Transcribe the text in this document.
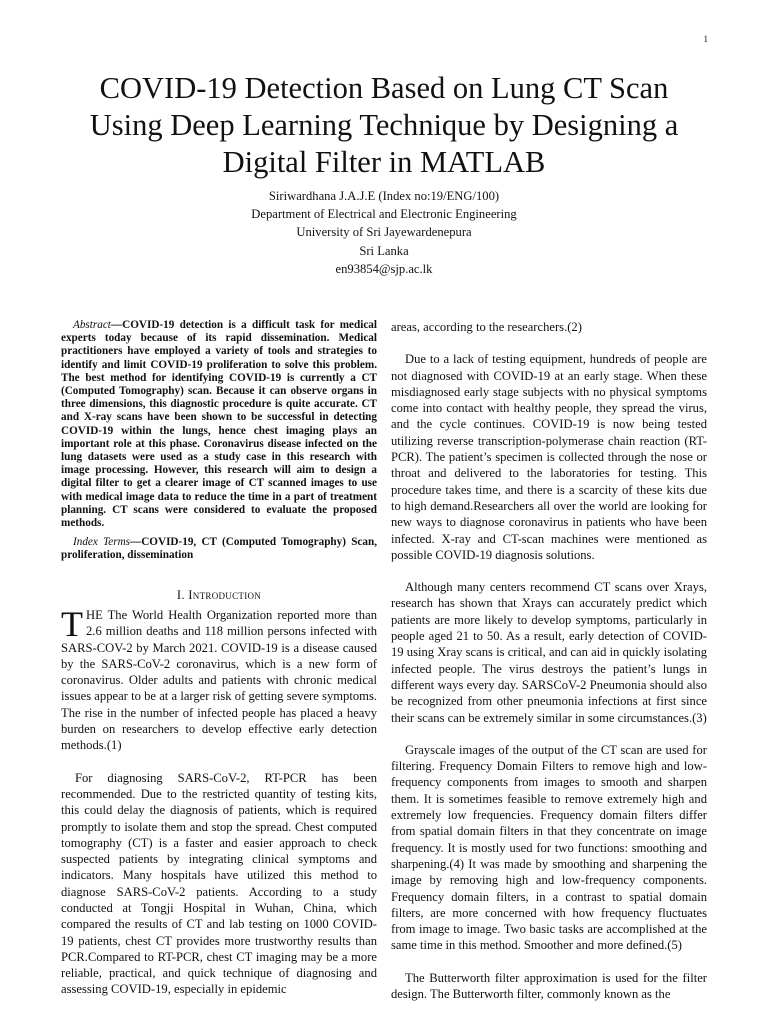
1
COVID-19 Detection Based on Lung CT Scan Using Deep Learning Technique by Designing a Digital Filter in MATLAB
Siriwardhana J.A.J.E (Index no:19/ENG/100)
Department of Electrical and Electronic Engineering
University of Sri Jayewardenepura
Sri Lanka
en93854@sjp.ac.lk

Abstract—COVID-19 detection is a difficult task for medical experts today because of its rapid dissemination. Medical practitioners have employed a variety of tools and strategies to identify and limit COVID-19 proliferation to solve this problem. The best method for identifying COVID-19 is currently a CT (Computed Tomography) scan. Because it can observe organs in three dimensions, this diagnostic procedure is quite accurate. CT and X-ray scans have been shown to be successful in detecting COVID-19 within the lungs, hence chest imaging plays an important role at this phase. Coronavirus disease infected on the lung datasets were used as a study case in this research with image processing. However, this research will aim to design a digital filter to get a clearer image of CT scanned images to use with medical image data to reduce the time in a part of treatment planning. CT scans were considered to evaluate the proposed methods.

Index Terms—COVID-19, CT (Computed Tomography) Scan, proliferation, dissemination

I. Introduction

THE The World Health Organization reported more than 2.6 million deaths and 118 million persons infected with SARS-COV-2 by March 2021. COVID-19 is a disease caused by the SARS-CoV-2 coronavirus, which is a new form of coronavirus. Older adults and patients with chronic medical issues appear to be at a larger risk of getting severe symptoms. The rise in the number of infected people has placed a heavy burden on researchers to develop effective early detection methods.(1)

For diagnosing SARS-CoV-2, RT-PCR has been recommended. Due to the restricted quantity of testing kits, this could delay the diagnosis of patients, which is required promptly to isolate them and stop the spread. Chest computed tomography (CT) is a faster and easier approach to check suspected patients by integrating clinical symptoms and indicators. Many hospitals have utilized this method to diagnose SARS-CoV-2 patients. According to a study conducted at Tongji Hospital in Wuhan, China, which compared the results of CT and lab testing on 1000 COVID-19 patients, chest CT provides more trustworthy results than PCR.Compared to RT-PCR, chest CT imaging may be a more reliable, practical, and quick technique of diagnosing and assessing COVID-19, especially in epidemic

areas, according to the researchers.(2)

Due to a lack of testing equipment, hundreds of people are not diagnosed with COVID-19 at an early stage. When these misdiagnosed early stage subjects with no physical symptoms come into contact with healthy people, they spread the virus, and the cycle continues. COVID-19 is now being tested utilizing reverse transcription-polymerase chain reaction (RT-PCR). The patient’s specimen is collected through the nose or throat and delivered to the laboratories for testing. This procedure takes time, and there is a scarcity of these kits due to high demand.Researchers all over the world are looking for new ways to diagnose coronavirus in patients who have been infected. X-ray and CT-scan machines were mentioned as possible COVID-19 diagnosis solutions.

Although many centers recommend CT scans over Xrays, research has shown that Xrays can accurately predict which patients are more likely to develop symptoms, particularly in people aged 21 to 50. As a result, early detection of COVID-19 using Xray scans is critical, and can aid in quickly isolating infected people. The virus destroys the patient’s lungs in different ways every day. SARSCoV-2 Pneumonia should also be recognized from other pneumonia infections at first since their scans can be extremely similar in some circumstances.(3)

Grayscale images of the output of the CT scan are used for filtering. Frequency Domain Filters to remove high and low-frequency components from images to smooth and sharpen them. It is sometimes feasible to remove extremely high and extremely low frequencies. Frequency domain filters differ from spatial domain filters in that they concentrate on image frequency. It is mostly used for two functions: smoothing and sharpening.(4) It was made by smoothing and sharpening the image by removing high and low-frequency components. Frequency domain filters, in a contrast to spatial domain filters, are more concerned with how frequency fluctuates from image to image. Two basic tasks are accomplished at the same time in this method. Smoother and more defined.(5)

The Butterworth filter approximation is used for the filter design. The Butterworth filter, commonly known as the
